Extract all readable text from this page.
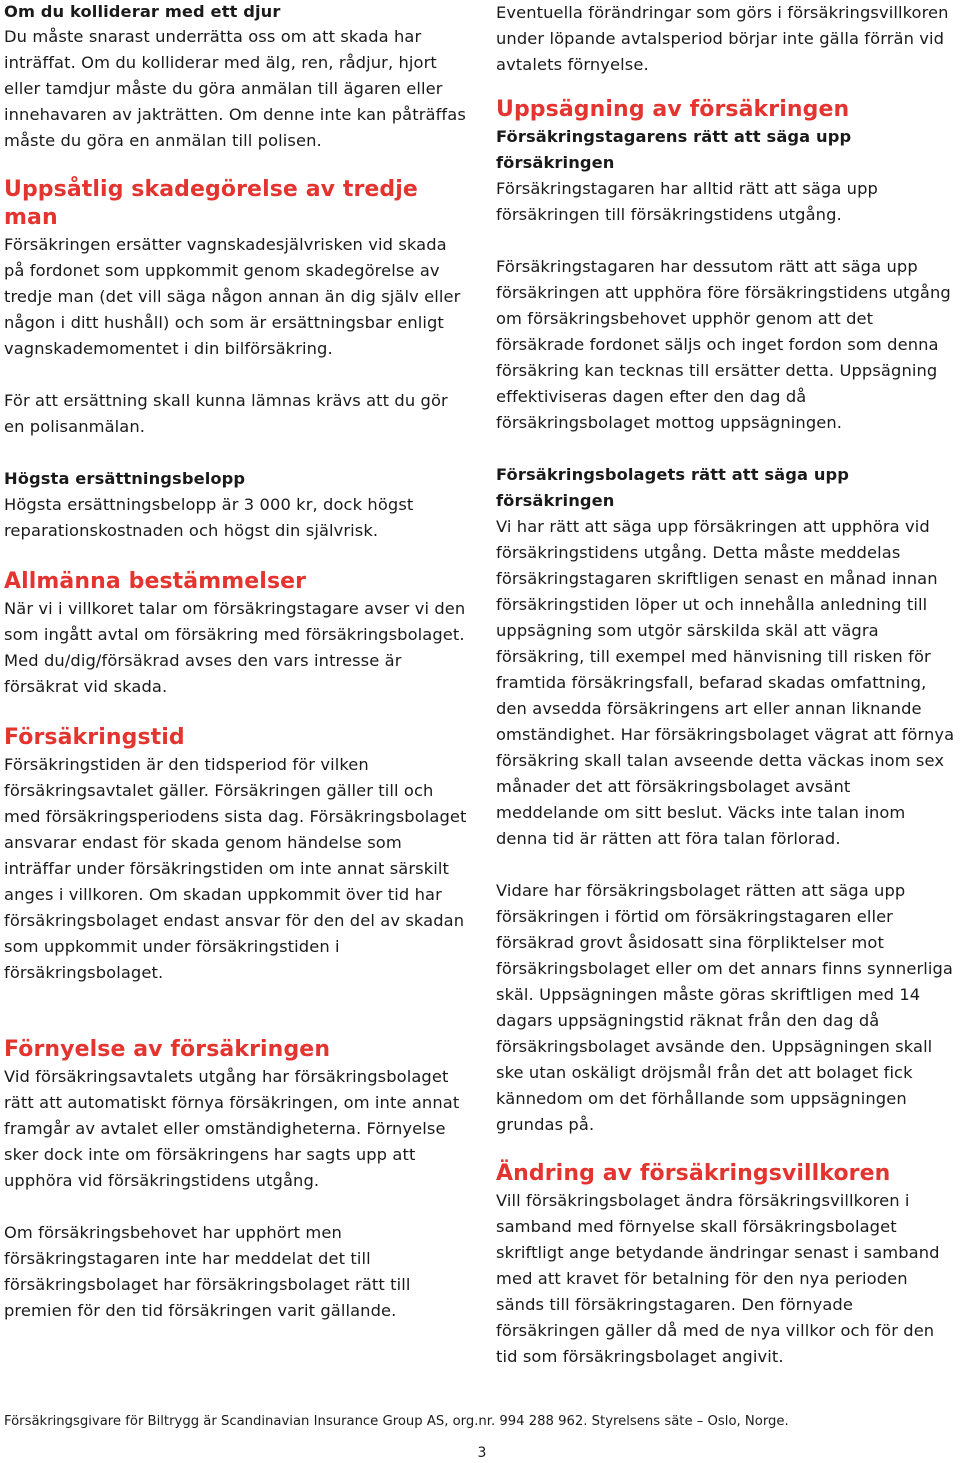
Om du kolliderar med ett djur

Du måste snarast underrätta oss om att skada har inträffat. Om du kolliderar med älg, ren, rådjur, hjort eller tamdjur måste du göra anmälan till ägaren eller innehavaren av jakträtten. Om denne inte kan påträffas måste du göra en anmälan till polisen.

Uppsåtlig skadegörelse av tredje man

Försäkringen ersätter vagnskadesjälvrisken vid skada på fordonet som uppkommit genom skadegörelse av tredje man (det vill säga någon annan än dig själv eller någon i ditt hushåll) och som är ersättningsbar enligt vagnskademomentet i din bilförsäkring.

För att ersättning skall kunna lämnas krävs att du gör en polisanmälan.

Högsta ersättningsbelopp

Högsta ersättningsbelopp är 3 000 kr, dock högst reparationskostnaden och högst din självrisk.

Allmänna bestämmelser

När vi i villkoret talar om försäkringstagare avser vi den som ingått avtal om försäkring med försäkringsbolaget. Med du/dig/försäkrad avses den vars intresse är försäkrat vid skada.

Försäkringstid

Försäkringstiden är den tidsperiod för vilken försäkringsavtalet gäller. Försäkringen gäller till och med försäkringsperiodens sista dag. Försäkringsbolaget ansvarar endast för skada genom händelse som inträffar under försäkringstiden om inte annat särskilt anges i villkoren. Om skadan uppkommit över tid har försäkringsbolaget endast ansvar för den del av skadan som uppkommit under försäkringstiden i försäkringsbolaget.

Förnyelse av försäkringen

Vid försäkringsavtalets utgång har försäkringsbolaget rätt att automatiskt förnya försäkringen, om inte annat framgår av avtalet eller omständigheterna. Förnyelse sker dock inte om försäkringens har sagts upp att upphöra vid försäkringstidens utgång.

Om försäkringsbehovet har upphört men försäkringstagaren inte har meddelat det till försäkringsbolaget har försäkringsbolaget rätt till premien för den tid försäkringen varit gällande.

Eventuella förändringar som görs i försäkringsvillkoren under löpande avtalsperiod börjar inte gälla förrän vid avtalets förnyelse.

Uppsägning av försäkringen

Försäkringstagarens rätt att säga upp försäkringen

Försäkringstagaren har alltid rätt att säga upp försäkringen till försäkringstidens utgång.

Försäkringstagaren har dessutom rätt att säga upp försäkringen att upphöra före försäkringstidens utgång om försäkringsbehovet upphör genom att det försäkrade fordonet säljs och inget fordon som denna försäkring kan tecknas till ersätter detta. Uppsägning effektiviseras dagen efter den dag då försäkringsbolaget mottog uppsägningen.

Försäkringsbolagets rätt att säga upp försäkringen

Vi har rätt att säga upp försäkringen att upphöra vid försäkringstidens utgång. Detta måste meddelas försäkringstagaren skriftligen senast en månad innan försäkringstiden löper ut och innehålla anledning till uppsägning som utgör särskilda skäl att vägra försäkring, till exempel med hänvisning till risken för framtida försäkringsfall, befarad skadas omfattning, den avsedda försäkringens art eller annan liknande omständighet. Har försäkringsbolaget vägrat att förnya försäkring skall talan avseende detta väckas inom sex månader det att försäkringsbolaget avsänt meddelande om sitt beslut. Väcks inte talan inom denna tid är rätten att föra talan förlorad.

Vidare har försäkringsbolaget rätten att säga upp försäkringen i förtid om försäkringstagaren eller försäkrad grovt åsidosatt sina förpliktelser mot försäkringsbolaget eller om det annars finns synnerliga skäl. Uppsägningen måste göras skriftligen med 14 dagars uppsägningstid räknat från den dag då försäkringsbolaget avsände den. Uppsägningen skall ske utan oskäligt dröjsmål från det att bolaget fick kännedom om det förhållande som uppsägningen grundas på.

Ändring av försäkringsvillkoren

Vill försäkringsbolaget ändra försäkringsvillkoren i samband med förnyelse skall försäkringsbolaget skriftligt ange betydande ändringar senast i samband med att kravet för betalning för den nya perioden sänds till försäkringstagaren. Den förnyade försäkringen gäller då med de nya villkor och för den tid som försäkringsbolaget angivit.

Försäkringsgivare för Biltrygg är Scandinavian Insurance Group AS, org.nr. 994 288 962. Styrelsens säte – Oslo, Norge.
3
